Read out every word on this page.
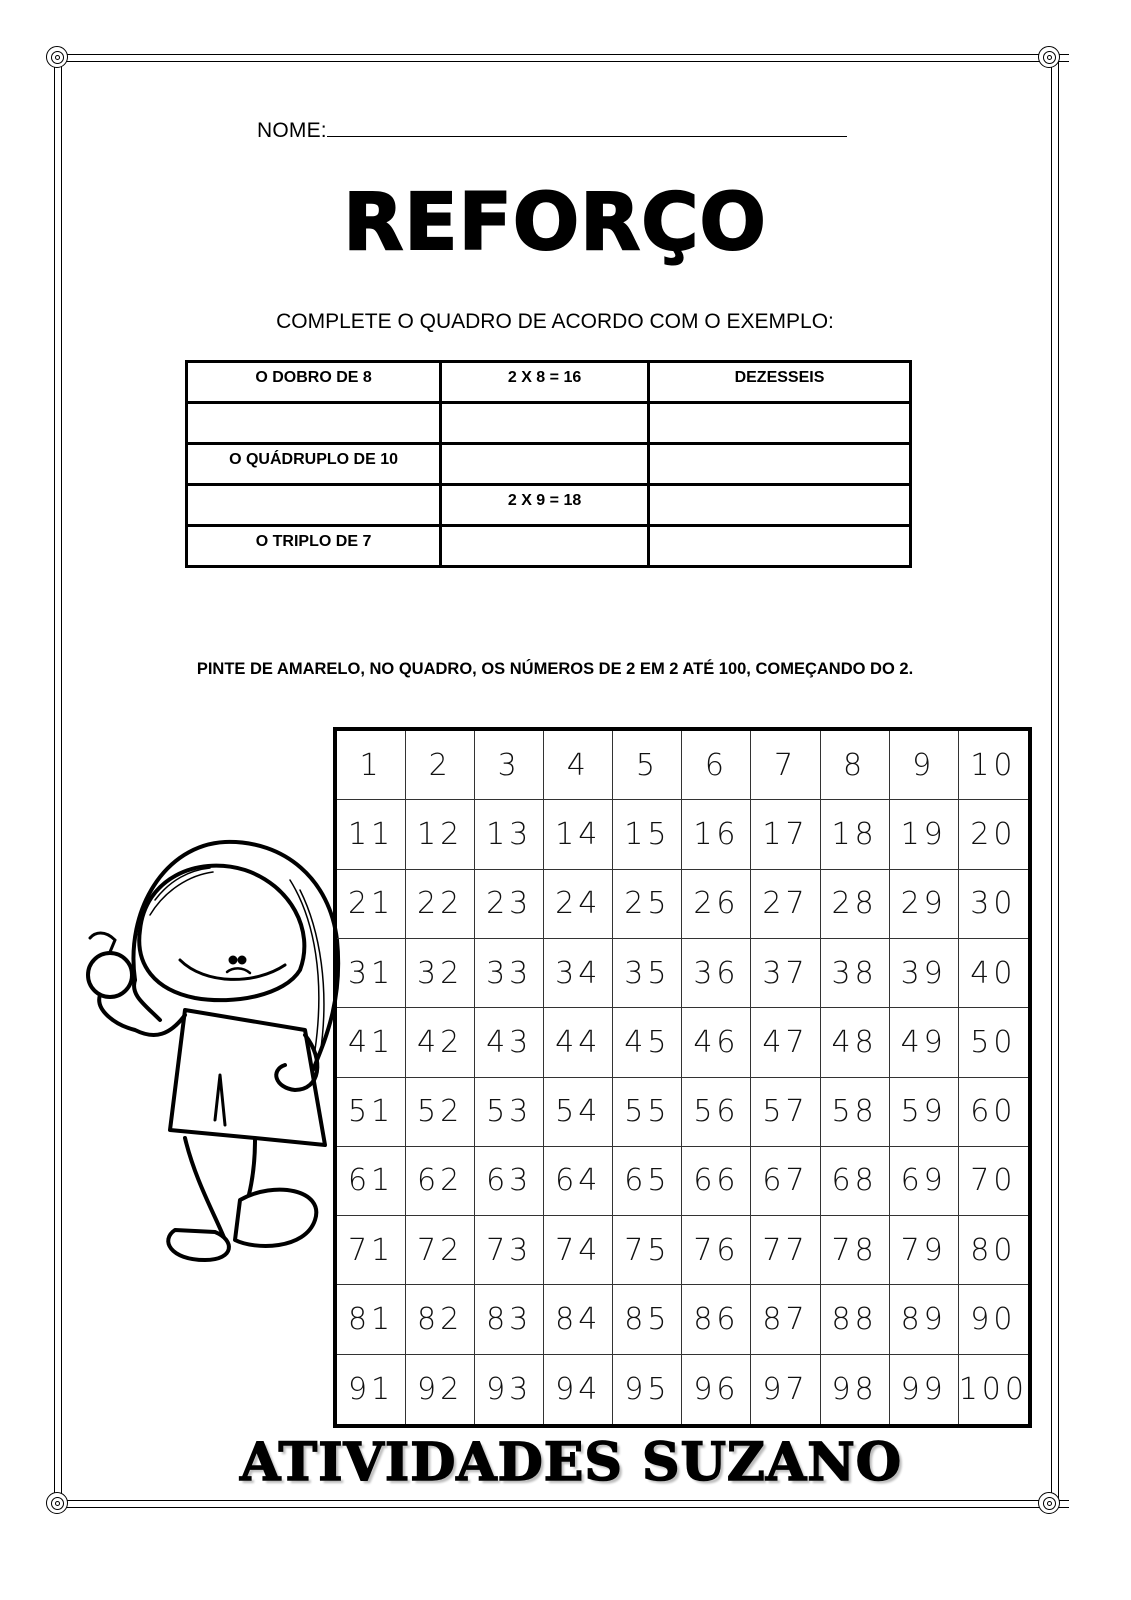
NOME:
REFORÇO
COMPLETE O QUADRO DE ACORDO COM O EXEMPLO:
O DOBRO DE 8	2 X 8 = 16	DEZESSEIS

O QUÁDRUPLO DE 10		
	2 X 9 = 18	
O TRIPLO DE 7		
PINTE DE AMARELO, NO QUADRO, OS NÚMEROS DE 2 EM 2 ATÉ 100, COMEÇANDO DO 2.
1	2	3	4	5	6	7	8	9	10
11 12 13 14 15 16 17 18 19 20
21 22 23 24 25 26 27 28 29 30
31 32 33 34 35 36 37 38 39 40
41 42 43 44 45 46 47 48 49 50
51 52 53 54 55 56 57 58 59 60
61 62 63 64 65 66 67 68 69 70
71 72 73 74 75 76 77 78 79 80
81 82 83 84 85 86 87 88 89 90
91 92 93 94 95 96 97 98 99 100
ATIVIDADES SUZANO
